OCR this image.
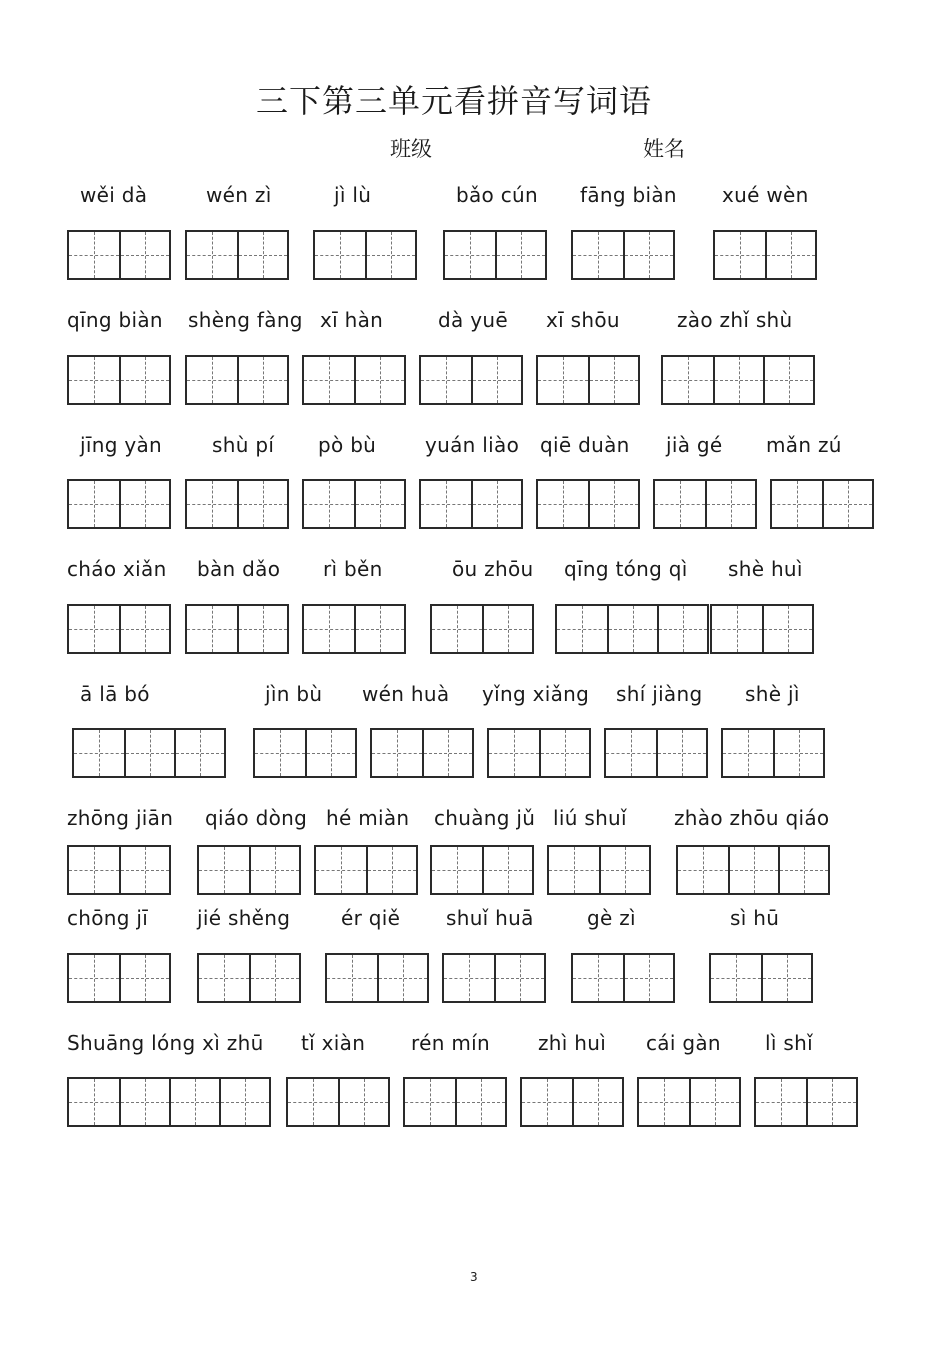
三下第三单元看拼音写词语
班级	姓名
wěi dà	wén zì	jì lù	bǎo cún fāng biàn xué wèn
qīng biàn shèng fàng xī hàn	dà yuē xī shōu	zào zhǐ shù
jīng yàn shù pí pò bù yuán liào qiē duàn jià gé mǎn zú
cháo xiǎn bàn dǎo rì běn	ōu zhōu qīng tóng qì shè huì
ā lā bó	jìn bù wén huà yǐng xiǎng shí jiàng shè jì
zhōng jiān qiáo dòng hé miàn chuàng jǔ liú shuǐ zhào zhōu qiáo
chōng jī jié shěng	ér qiě shuǐ huā	gè zì	sì hū
Shuāng lóng xì zhū tǐ xiàn rén mín zhì huì cái gàn lì shǐ
3
